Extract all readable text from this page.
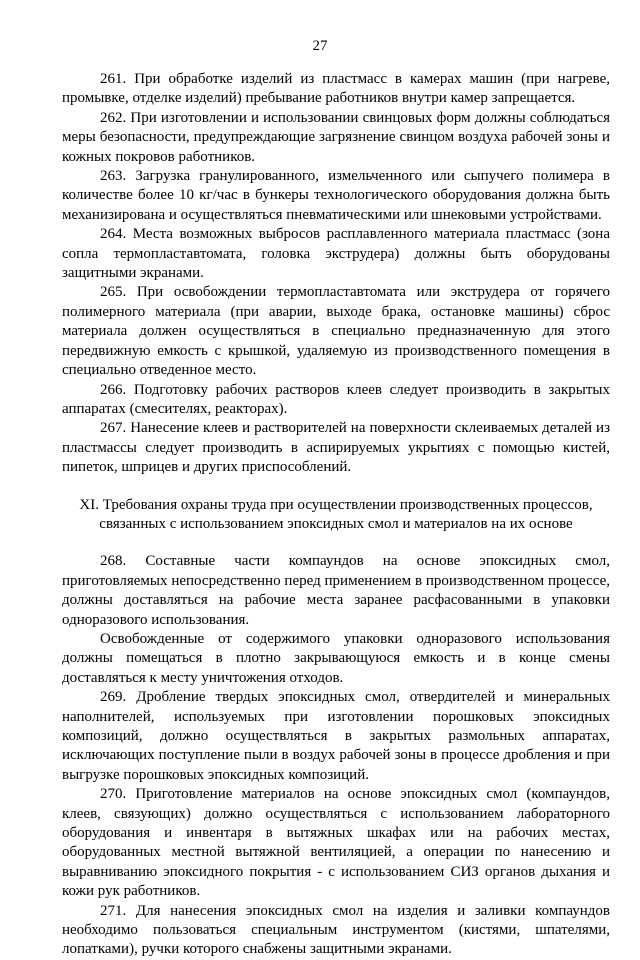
27

261. При обработке изделий из пластмасс в камерах машин (при нагреве, промывке, отделке изделий) пребывание работников внутри камер запрещается.

262. При изготовлении и использовании свинцовых форм должны соблюдаться меры безопасности, предупреждающие загрязнение свинцом воздуха рабочей зоны и кожных покровов работников.

263. Загрузка гранулированного, измельченного или сыпучего полимера в количестве более 10 кг/час в бункеры технологического оборудования должна быть механизирована и осуществляться пневматическими или шнековыми устройствами.

264. Места возможных выбросов расплавленного материала пластмасс (зона сопла термопластавтомата, головка экструдера) должны быть оборудованы защитными экранами.

265. При освобождении термопластавтомата или экструдера от горячего полимерного материала (при аварии, выходе брака, остановке машины) сброс материала должен осуществляться в специально предназначенную для этого передвижную емкость с крышкой, удаляемую из производственного помещения в специально отведенное место.

266. Подготовку рабочих растворов клеев следует производить в закрытых аппаратах (смесителях, реакторах).

267. Нанесение клеев и растворителей на поверхности склеиваемых деталей из пластмассы следует производить в аспирируемых укрытиях с помощью кистей, пипеток, шприцев и других приспособлений.

XI. Требования охраны труда при осуществлении производственных процессов,
связанных с использованием эпоксидных смол и материалов на их основе

268. Составные части компаундов на основе эпоксидных смол, приготовляемых непосредственно перед применением в производственном процессе, должны доставляться на рабочие места заранее расфасованными в упаковки одноразового использования.

Освобожденные от содержимого упаковки одноразового использования должны помещаться в плотно закрывающуюся емкость и в конце смены доставляться к месту уничтожения отходов.

269. Дробление твердых эпоксидных смол, отвердителей и минеральных наполнителей, используемых при изготовлении порошковых эпоксидных композиций, должно осуществляться в закрытых размольных аппаратах, исключающих поступление пыли в воздух рабочей зоны в процессе дробления и при выгрузке порошковых эпоксидных композиций.

270. Приготовление материалов на основе эпоксидных смол (компаундов, клеев, связующих) должно осуществляться с использованием лабораторного оборудования и инвентаря в вытяжных шкафах или на рабочих местах, оборудованных местной вытяжной вентиляцией, а операции по нанесению и выравниванию эпоксидного покрытия - с использованием СИЗ органов дыхания и кожи рук работников.

271. Для нанесения эпоксидных смол на изделия и заливки компаундов необходимо пользоваться специальным инструментом (кистями, шпателями, лопатками), ручки которого снабжены защитными экранами.
